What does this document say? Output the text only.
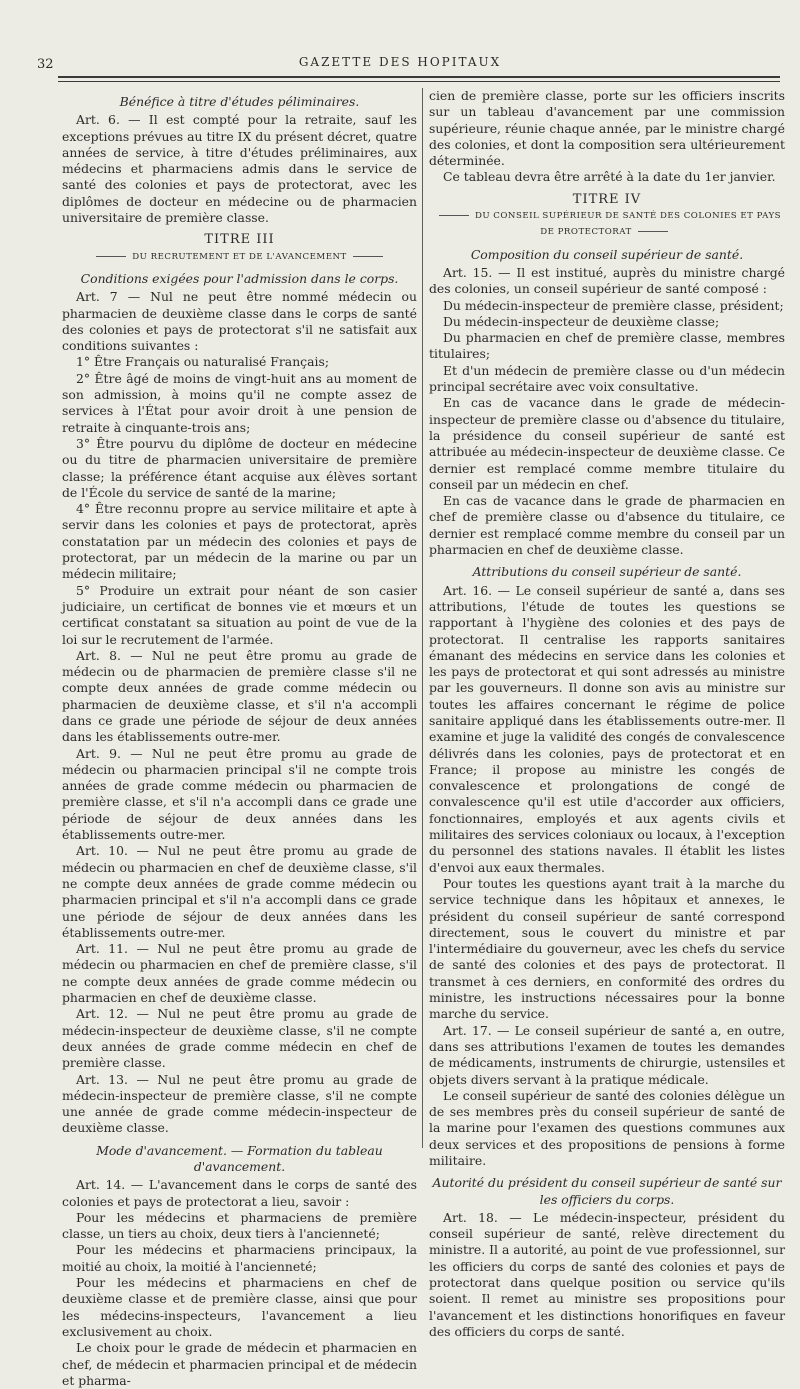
32	GAZETTE DES HOPITAUX

Bénéfice à titre d'études péliminaires.

Art. 6. — Il est compté pour la retraite, sauf les exceptions prévues au titre IX du présent décret, quatre années de service, à titre d'études préliminaires, aux médecins et pharmaciens admis dans le service de santé des colonies et pays de protectorat, avec les diplômes de docteur en médecine ou de pharmacien universitaire de première classe.

TITRE III

DU RECRUTEMENT ET DE L'AVANCEMENT

Conditions exigées pour l'admission dans le corps.

Art. 7 — Nul ne peut être nommé médecin ou pharmacien de deuxième classe dans le corps de santé des colonies et pays de protectorat s'il ne satisfait aux conditions suivantes :

1° Être Français ou naturalisé Français;

2° Être âgé de moins de vingt-huit ans au moment de son admission, à moins qu'il ne compte assez de services à l'État pour avoir droit à une pension de retraite à cinquante-trois ans;

3° Être pourvu du diplôme de docteur en médecine ou du titre de pharmacien universitaire de première classe; la préférence étant acquise aux élèves sortant de l'École du service de santé de la marine;

4° Être reconnu propre au service militaire et apte à servir dans les colonies et pays de protectorat, après constatation par un médecin des colonies et pays de protectorat, par un médecin de la marine ou par un médecin militaire;

5° Produire un extrait pour néant de son casier judiciaire, un certificat de bonnes vie et mœurs et un certificat constatant sa situation au point de vue de la loi sur le recrutement de l'armée.

Art. 8. — Nul ne peut être promu au grade de médecin ou de pharmacien de première classe s'il ne compte deux années de grade comme médecin ou pharmacien de deuxième classe, et s'il n'a accompli dans ce grade une période de séjour de deux années dans les établissements outre-mer.

Art. 9. — Nul ne peut être promu au grade de médecin ou pharmacien principal s'il ne compte trois années de grade comme médecin ou pharmacien de première classe, et s'il n'a accompli dans ce grade une période de séjour de deux années dans les établissements outre-mer.

Art. 10. — Nul ne peut être promu au grade de médecin ou pharmacien en chef de deuxième classe, s'il ne compte deux années de grade comme médecin ou pharmacien principal et s'il n'a accompli dans ce grade une période de séjour de deux années dans les établissements outre-mer.

Art. 11. — Nul ne peut être promu au grade de médecin ou pharmacien en chef de première classe, s'il ne compte deux années de grade comme médecin ou pharmacien en chef de deuxième classe.

Art. 12. — Nul ne peut être promu au grade de médecin-inspecteur de deuxième classe, s'il ne compte deux années de grade comme médecin en chef de première classe.

Art. 13. — Nul ne peut être promu au grade de médecin-inspecteur de première classe, s'il ne compte une année de grade comme médecin-inspecteur de deuxième classe.

Mode d'avancement. — Formation du tableau d'avancement.

Art. 14. — L'avancement dans le corps de santé des colonies et pays de protectorat a lieu, savoir :

Pour les médecins et pharmaciens de première classe, un tiers au choix, deux tiers à l'ancienneté;

Pour les médecins et pharmaciens principaux, la moitié au choix, la moitié à l'ancienneté;

Pour les médecins et pharmaciens en chef de deuxième classe et de première classe, ainsi que pour les médecins-inspecteurs, l'avancement a lieu exclusivement au choix.

Le choix pour le grade de médecin et pharmacien en chef, de médecin et pharmacien principal et de médecin et pharma-

cien de première classe, porte sur les officiers inscrits sur un tableau d'avancement par une commission supérieure, réunie chaque année, par le ministre chargé des colonies, et dont la composition sera ultérieurement déterminée.

Ce tableau devra être arrêté à la date du 1er janvier.

TITRE IV

DU CONSEIL SUPÉRIEUR DE SANTÉ DES COLONIES ET PAYS DE PROTECTORAT

Composition du conseil supérieur de santé.

Art. 15. — Il est institué, auprès du ministre chargé des colonies, un conseil supérieur de santé composé :

Du médecin-inspecteur de première classe, président;

Du médecin-inspecteur de deuxième classe;

Du pharmacien en chef de première classe, membres titulaires;

Et d'un médecin de première classe ou d'un médecin principal secrétaire avec voix consultative.

En cas de vacance dans le grade de médecin-inspecteur de première classe ou d'absence du titulaire, la présidence du conseil supérieur de santé est attribuée au médecin-inspecteur de deuxième classe. Ce dernier est remplacé comme membre titulaire du conseil par un médecin en chef.

En cas de vacance dans le grade de pharmacien en chef de première classe ou d'absence du titulaire, ce dernier est remplacé comme membre du conseil par un pharmacien en chef de deuxième classe.

Attributions du conseil supérieur de santé.

Art. 16. — Le conseil supérieur de santé a, dans ses attributions, l'étude de toutes les questions se rapportant à l'hygiène des colonies et des pays de protectorat. Il centralise les rapports sanitaires émanant des médecins en service dans les colonies et les pays de protectorat et qui sont adressés au ministre par les gouverneurs. Il donne son avis au ministre sur toutes les affaires concernant le régime de police sanitaire appliqué dans les établissements outre-mer. Il examine et juge la validité des congés de convalescence délivrés dans les colonies, pays de protectorat et en France; il propose au ministre les congés de convalescence et prolongations de congé de convalescence qu'il est utile d'accorder aux officiers, fonctionnaires, employés et aux agents civils et militaires des services coloniaux ou locaux, à l'exception du personnel des stations navales. Il établit les listes d'envoi aux eaux thermales.

Pour toutes les questions ayant trait à la marche du service technique dans les hôpitaux et annexes, le président du conseil supérieur de santé correspond directement, sous le couvert du ministre et par l'intermédiaire du gouverneur, avec les chefs du service de santé des colonies et des pays de protectorat. Il transmet à ces derniers, en conformité des ordres du ministre, les instructions nécessaires pour la bonne marche du service.

Art. 17. — Le conseil supérieur de santé a, en outre, dans ses attributions l'examen de toutes les demandes de médicaments, instruments de chirurgie, ustensiles et objets divers servant à la pratique médicale.

Le conseil supérieur de santé des colonies délègue un de ses membres près du conseil supérieur de santé de la marine pour l'examen des questions communes aux deux services et des propositions de pensions à forme militaire.

Autorité du président du conseil supérieur de santé sur les officiers du corps.

Art. 18. — Le médecin-inspecteur, président du conseil supérieur de santé, relève directement du ministre. Il a autorité, au point de vue professionnel, sur les officiers du corps de santé des colonies et pays de protectorat dans quelque position ou service qu'ils soient. Il remet au ministre ses propositions pour l'avancement et les distinctions honorifiques en faveur des officiers du corps de santé.
